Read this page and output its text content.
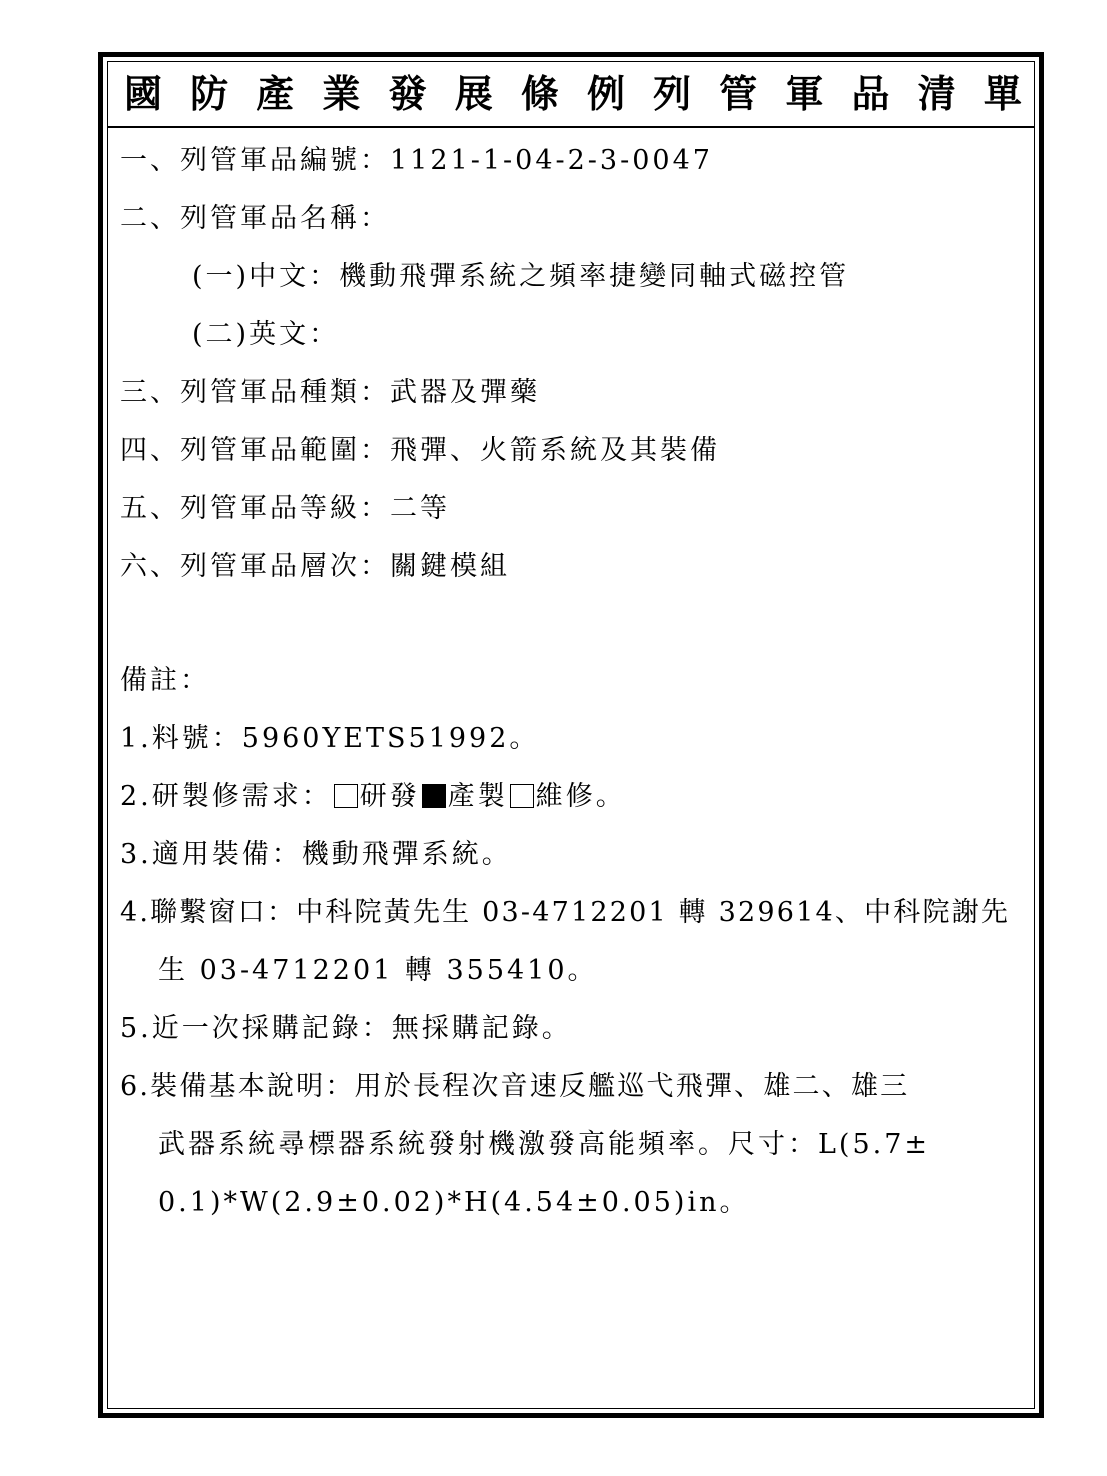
國 防 產 業 發 展 條 例 列 管 軍 品 清 單
一、列管軍品編號：1121-1-04-2-3-0047
二、列管軍品名稱：
(一)中文：機動飛彈系統之頻率捷變同軸式磁控管
(二)英文：
三、列管軍品種類：武器及彈藥
四、列管軍品範圍：飛彈、火箭系統及其裝備
五、列管軍品等級：二等
六、列管軍品層次：關鍵模組
備註：
1.料號：5960YETS51992。
2.研製修需求： 研發 產製 維修。
3.適用裝備：機動飛彈系統。
4.聯繫窗口：中科院黃先生 03-4712201 轉 329614、中科院謝先
生 03-4712201 轉 355410。
5.近一次採購記錄：無採購記錄。
6.裝備基本說明：用於長程次音速反艦巡弋飛彈、雄二、雄三
武器系統尋標器系統發射機激發高能頻率。尺寸：L(5.7±
0.1)*W(2.9±0.02)*H(4.54±0.05)in。
